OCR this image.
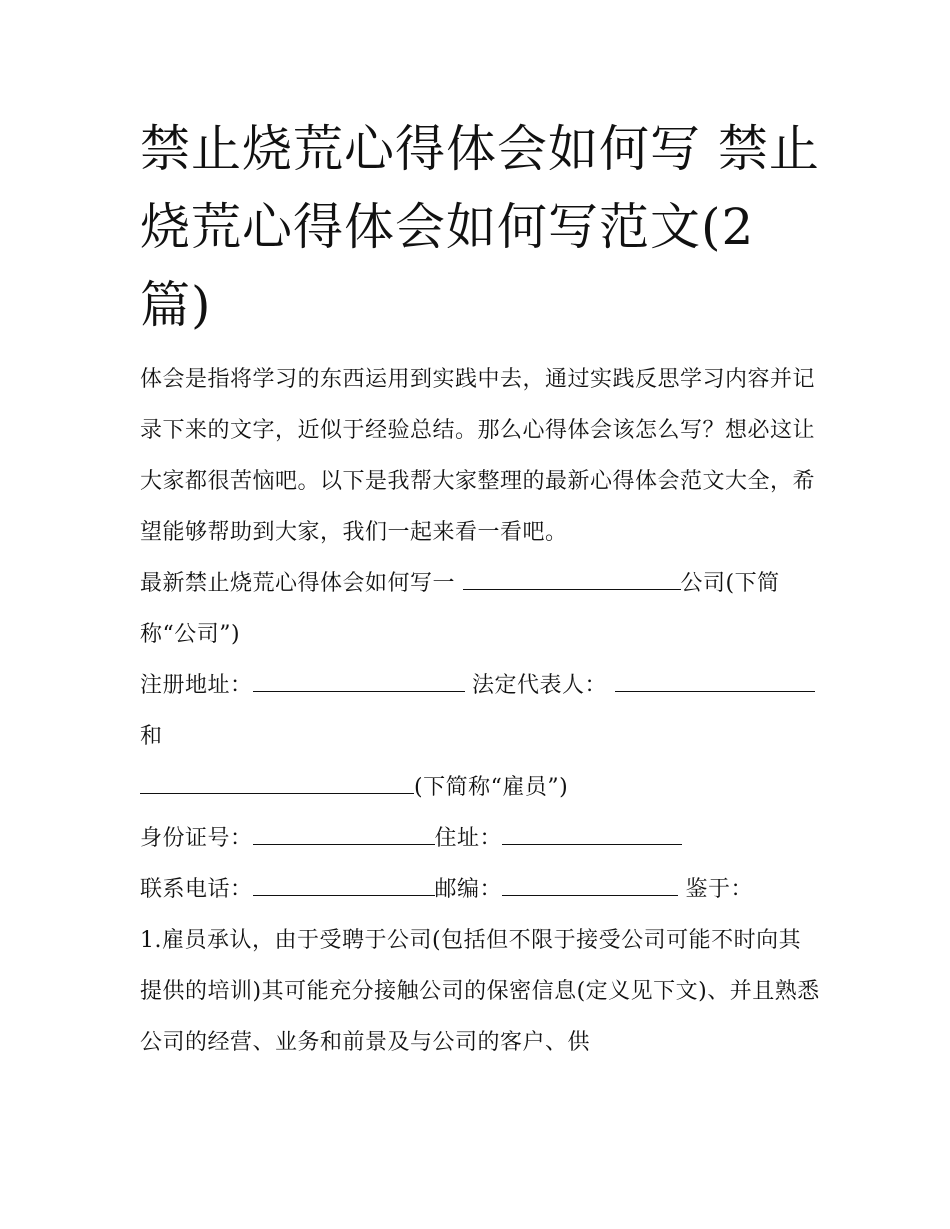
禁止烧荒心得体会如何写 禁止烧荒心得体会如何写范文(2篇)

体会是指将学习的东西运用到实践中去，通过实践反思学习内容并记录下来的文字，近似于经验总结。那么心得体会该怎么写？想必这让大家都很苦恼吧。以下是我帮大家整理的最新心得体会范文大全，希望能够帮助到大家，我们一起来看一看吧。

最新禁止烧荒心得体会如何写一	公司(下简称“公司”)

注册地址：	法定代表人：  和

(下简称“雇员”)

身份证号：	住址：

联系电话：	邮编：	鉴于：

1.雇员承认，由于受聘于公司(包括但不限于接受公司可能不时向其提供的培训)其可能充分接触公司的保密信息(定义见下文)、并且熟悉公司的经营、业务和前景及与公司的客户、供
